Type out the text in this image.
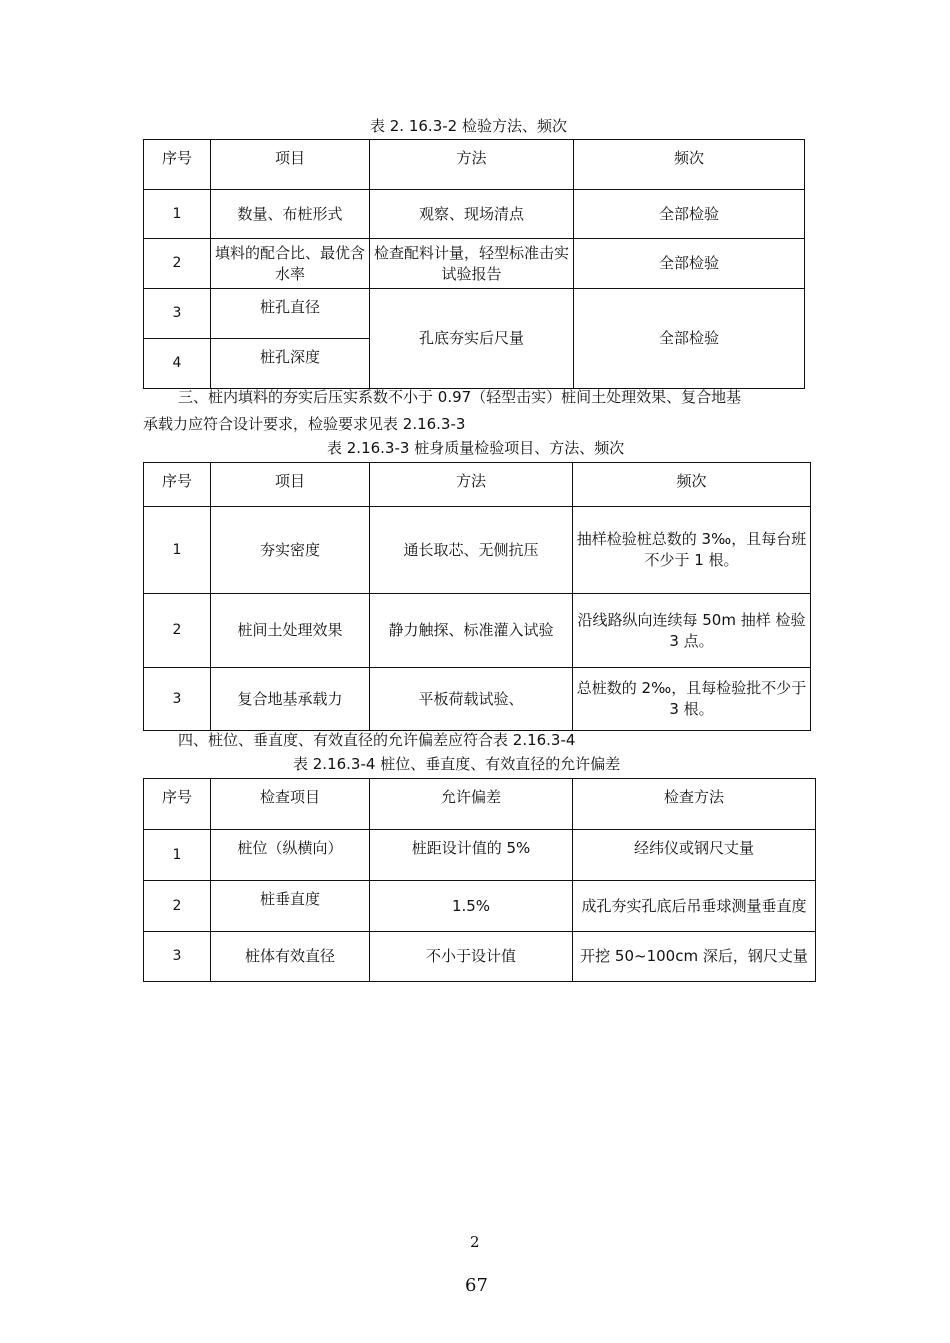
表 2. 16.3-2 检验方法、频次
序号	项目	方法	频次
1	数量、布桩形式	观察、现场清点	全部检验
2	填料的配合比、最优含水率	检查配料计量，轻型标准击实试验报告	全部检验
3	桩孔直径	孔底夯实后尺量	全部检验
4	桩孔深度		
三、桩内填料的夯实后压实系数不小于 0.97（轻型击实）桩间土处理效果、复合地基
承载力应符合设计要求，检验要求见表 2.16.3-3
表 2.16.3-3 桩身质量检验项目、方法、频次
序号	项目	方法	频次
1	夯实密度	通长取芯、无侧抗压	抽样检验桩总数的 3‰，且每台班不少于 1 根。
2	桩间土处理效果	静力触探、标准灌入试验	沿线路纵向连续每 50m 抽样 检验 3 点。
3	复合地基承载力	平板荷载试验、	总桩数的 2‰，且每检验批不少于 3 根。
四、桩位、垂直度、有效直径的允许偏差应符合表 2.16.3-4
表 2.16.3-4 桩位、垂直度、有效直径的允许偏差
序号	检查项目	允许偏差	检查方法
1	桩位（纵横向）	桩距设计值的 5%	经纬仪或钢尺丈量
2	桩垂直度	1.5%	成孔夯实孔底后吊垂球测量垂直度
3	桩体有效直径	不小于设计值	开挖 50~100cm 深后，钢尺丈量
2
67
